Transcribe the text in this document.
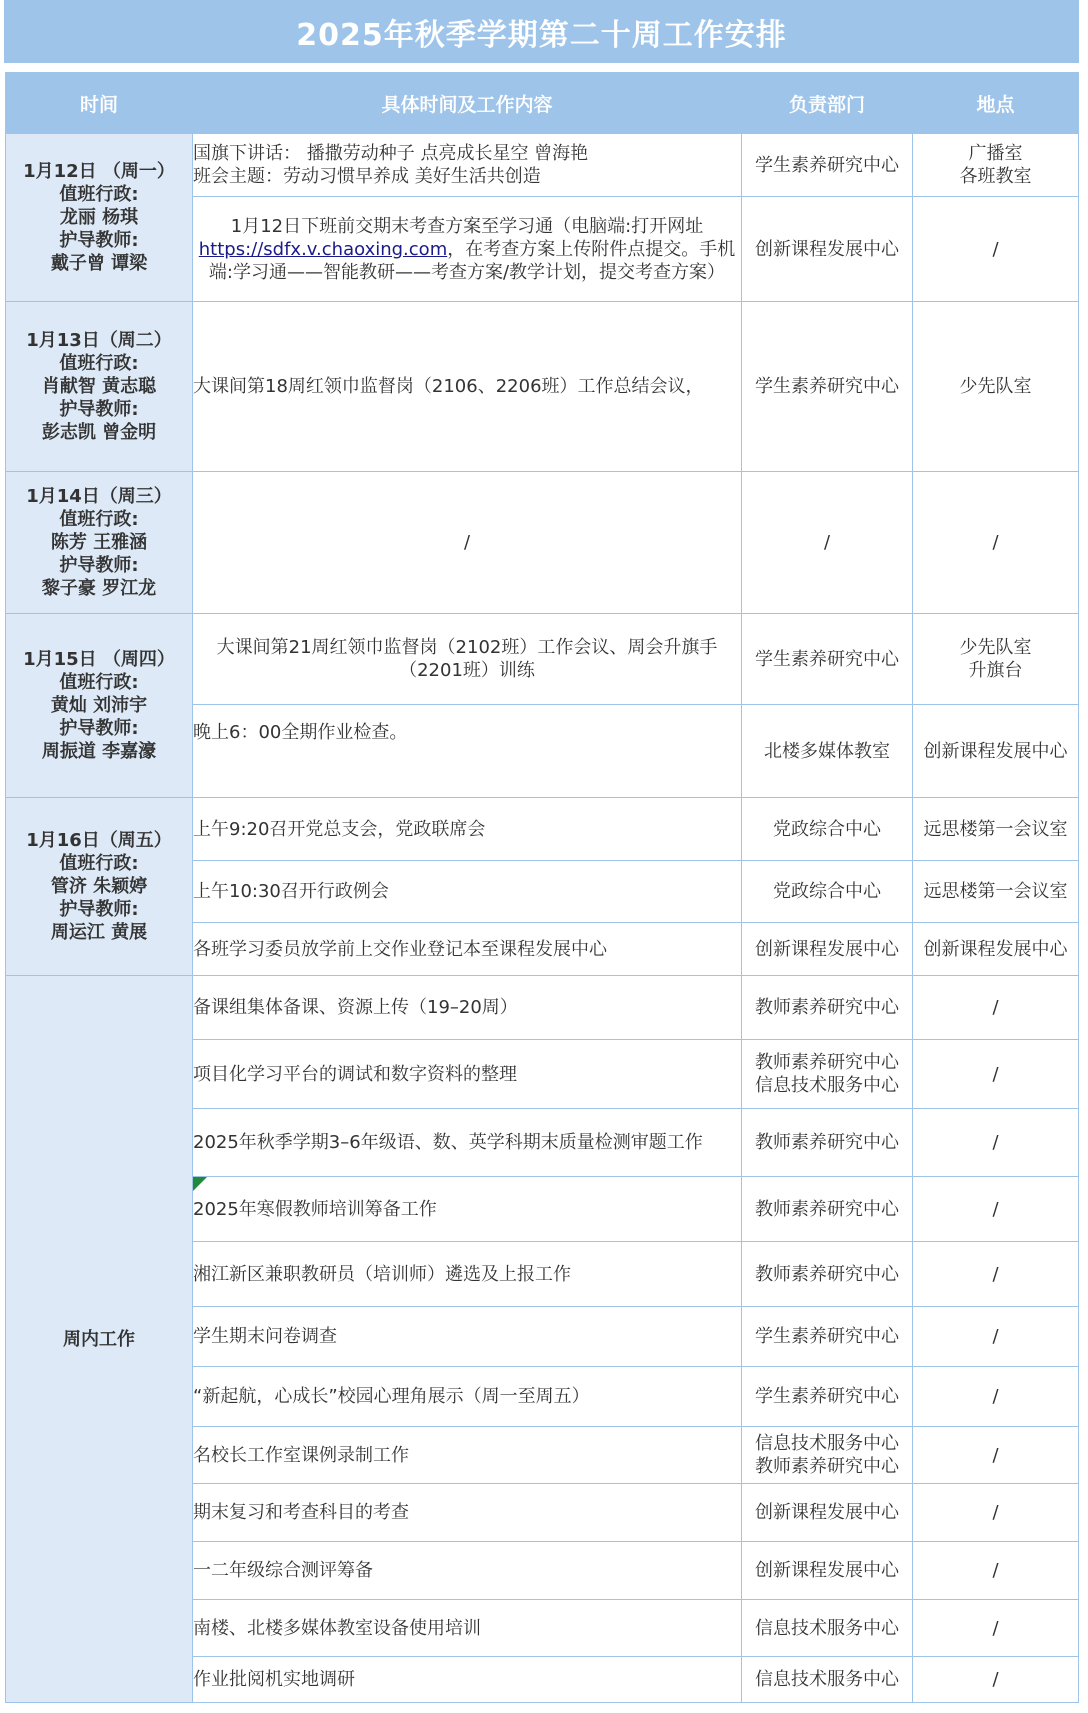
2025年秋季学期第二十周工作安排
时间	具体时间及工作内容	负责部门	地点

1月12日 （周一）
值班行政:
龙丽 杨琪
护导教师:
戴子曾 谭梁	国旗下讲话： 播撒劳动种子 点亮成长星空 曾海艳
班会主题：劳动习惯早养成 美好生活共创造	学生素养研究中心	广播室
各班教室

	1月12日下班前交期末考查方案至学习通（电脑端:打开网址https://sdfx.v.chaoxing.com，在考查方案上传附件点提交。手机端:学习通——智能教研——考查方案/教学计划，提交考查方案）	创新课程发展中心	/

1月13日（周二）
值班行政:
肖献智 黄志聪
护导教师:
彭志凯 曾金明	大课间第18周红领巾监督岗（2106、2206班）工作总结会议，	学生素养研究中心	少先队室

1月14日（周三）
值班行政:
陈芳 王雅涵
护导教师:
黎子豪 罗江龙	/	/	/

1月15日 （周四）
值班行政:
黄灿 刘沛宇
护导教师:
周振道 李嘉濠	大课间第21周红领巾监督岗（2102班）工作会议、周会升旗手（2201班）训练	学生素养研究中心	少先队室
升旗台

	晚上6：00全期作业检查。	北楼多媒体教室	创新课程发展中心

1月16日（周五）
值班行政:
管济 朱颖婷
护导教师:
周运江 黄展	上午9:20召开党总支会，党政联席会	党政综合中心	远思楼第一会议室
	上午10:30召开行政例会	党政综合中心	远思楼第一会议室
	各班学习委员放学前上交作业登记本至课程发展中心	创新课程发展中心	创新课程发展中心
周内工作	备课组集体备课、资源上传（19–20周）	教师素养研究中心	/
	项目化学习平台的调试和数字资料的整理	教师素养研究中心
信息技术服务中心	/
	2025年秋季学期3–6年级语、数、英学科期末质量检测审题工作	教师素养研究中心	/

2025年寒假教师培训筹备工作	教师素养研究中心	/
	湘江新区兼职教研员（培训师）遴选及上报工作	教师素养研究中心	/
	学生期末问卷调查	学生素养研究中心	/
	“新起航，心成长”校园心理角展示（周一至周五）	学生素养研究中心	/
	名校长工作室课例录制工作	信息技术服务中心
教师素养研究中心	/
	期末复习和考查科目的考查	创新课程发展中心	/
	一二年级综合测评筹备	创新课程发展中心	/
	南楼、北楼多媒体教室设备使用培训	信息技术服务中心	/
	作业批阅机实地调研	信息技术服务中心	/
